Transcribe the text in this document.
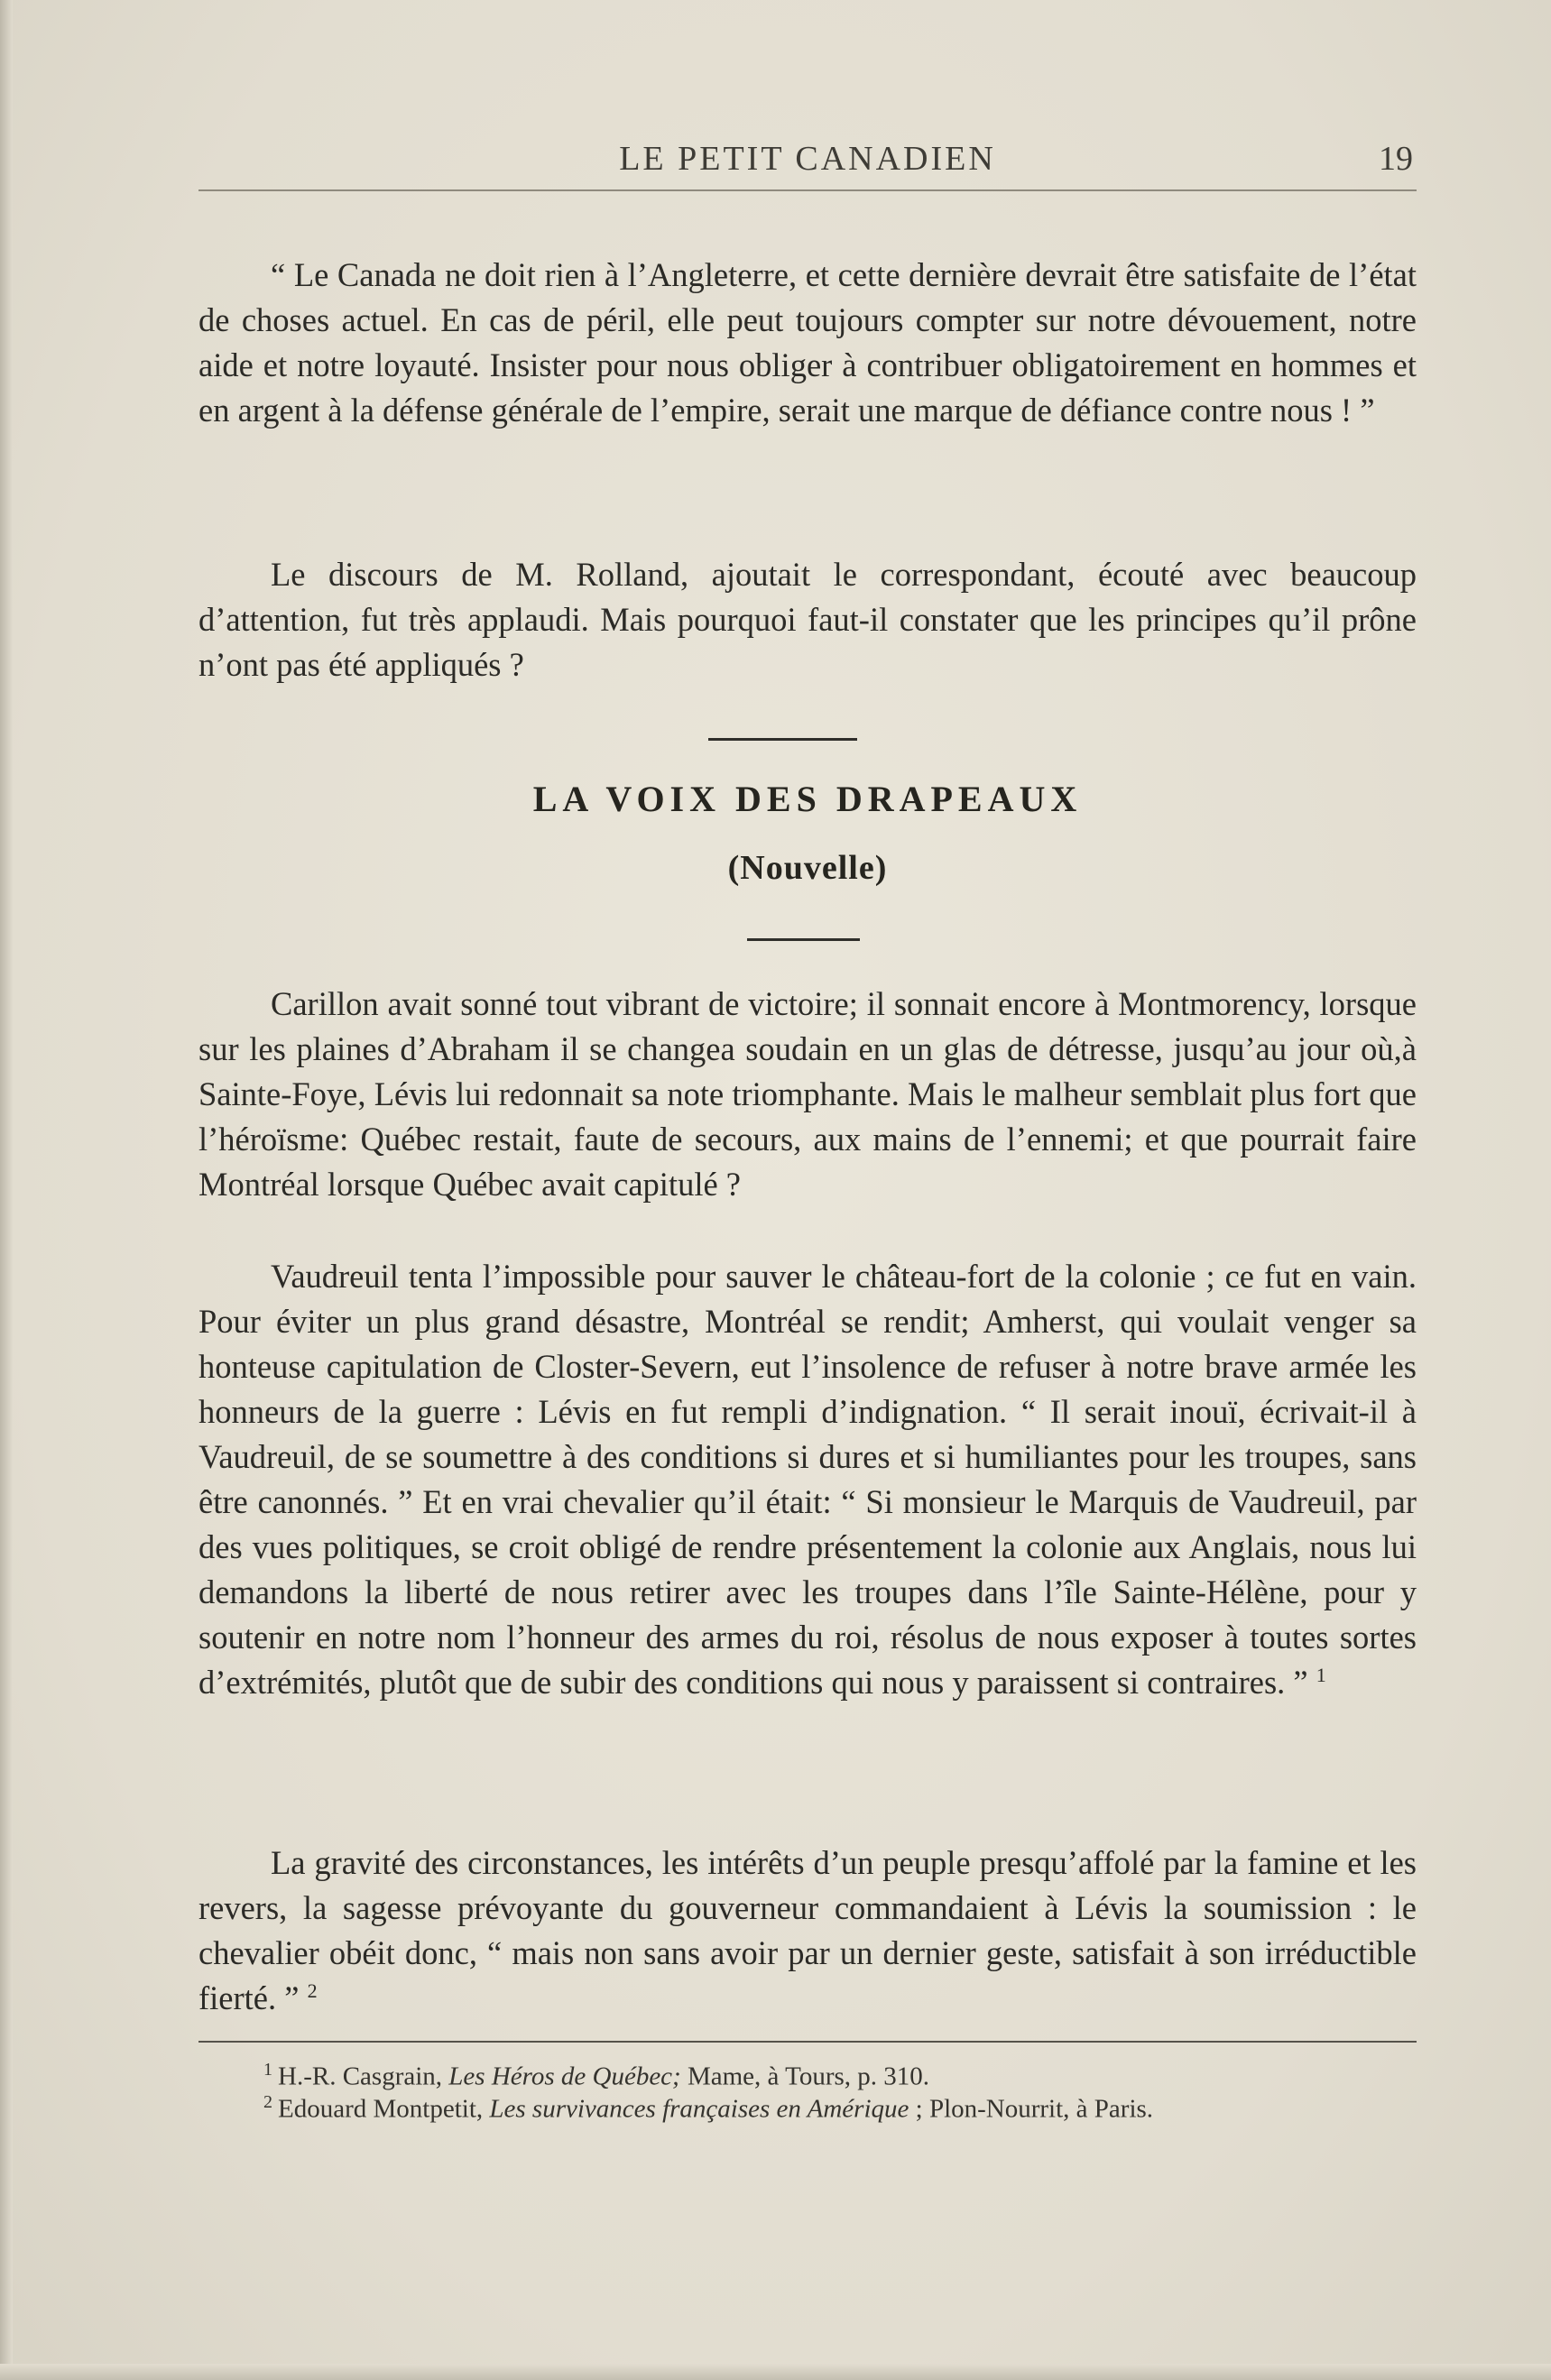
LE PETIT CANADIEN	19

“ Le Canada ne doit rien à l’Angleterre, et cette dernière devrait être satisfaite de l’état de choses actuel. En cas de péril, elle peut toujours compter sur notre dévouement, notre aide et notre loyauté. Insister pour nous obliger à contribuer obligatoirement en hommes et en argent à la défense générale de l’empire, serait une marque de défiance contre nous ! ”

Le discours de M. Rolland, ajoutait le correspondant, écouté avec beaucoup d’attention, fut très applaudi. Mais pourquoi faut-il constater que les principes qu’il prône n’ont pas été appliqués ?

LA VOIX DES DRAPEAUX
(Nouvelle)

Carillon avait sonné tout vibrant de victoire; il sonnait encore à Montmorency, lorsque sur les plaines d’Abraham il se changea soudain en un glas de détresse, jusqu’au jour où,à Sainte-Foye, Lévis lui redonnait sa note triomphante. Mais le malheur semblait plus fort que l’héroïsme: Québec restait, faute de secours, aux mains de l’ennemi; et que pourrait faire Montréal lorsque Québec avait capitulé ?

Vaudreuil tenta l’impossible pour sauver le château-fort de la colonie ; ce fut en vain. Pour éviter un plus grand désastre, Montréal se rendit; Amherst, qui voulait venger sa honteuse capitulation de Closter-Severn, eut l’insolence de refuser à notre brave armée les honneurs de la guerre : Lévis en fut rempli d’indignation. “ Il serait inouï, écrivait-il à Vaudreuil, de se soumettre à des conditions si dures et si humiliantes pour les troupes, sans être canonnés. ” Et en vrai chevalier qu’il était: “ Si monsieur le Marquis de Vaudreuil, par des vues politiques, se croit obligé de rendre présentement la colonie aux Anglais, nous lui demandons la liberté de nous retirer avec les troupes dans l’île Sainte-Hélène, pour y soutenir en notre nom l’honneur des armes du roi, résolus de nous exposer à toutes sortes d’extrémités, plutôt que de subir des conditions qui nous y paraissent si contraires. ” $^1$

La gravité des circonstances, les intérêts d’un peuple presqu’affolé par la famine et les revers, la sagesse prévoyante du gouverneur commandaient à Lévis la soumission : le chevalier obéit donc, “ mais non sans avoir par un dernier geste, satisfait à son irréductible fierté. ” $^2$

$^1$ H.-R. Casgrain, Les Héros de Québec; Mame, à Tours, p. 310.

$^2$ Edouard Montpetit, Les survivances françaises en Amérique ; Plon-Nourrit, à Paris.
